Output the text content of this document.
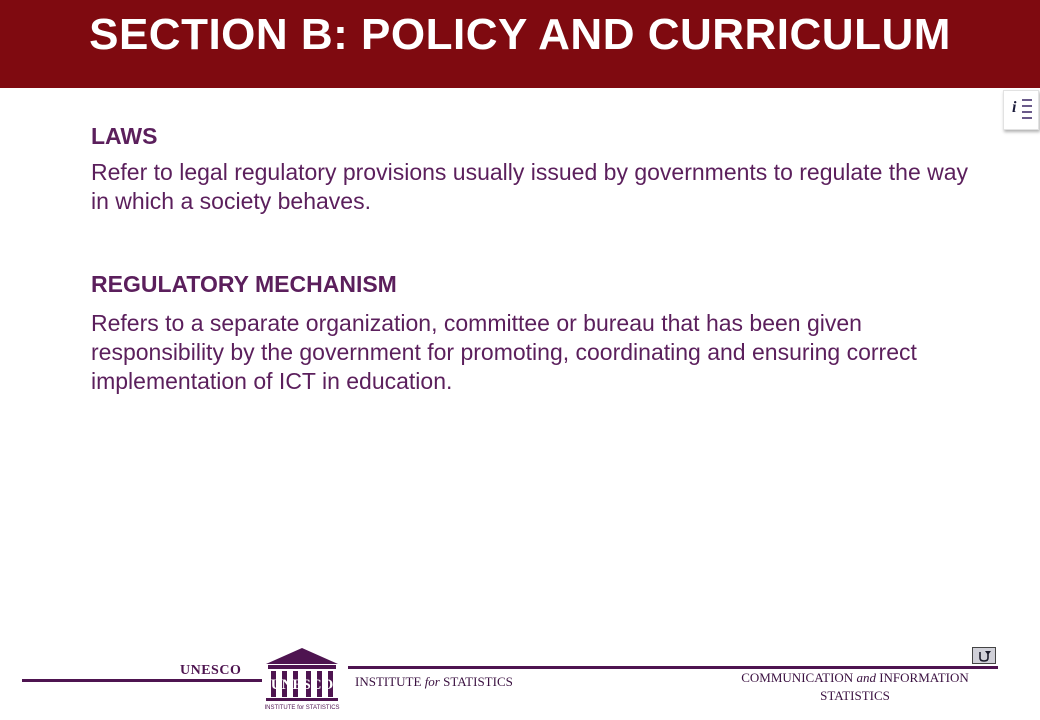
SECTION B: POLICY AND CURRICULUM
i
LAWS
Refer to legal regulatory provisions usually issued by governments to regulate the way in which a society behaves.
REGULATORY MECHANISM
Refers to a separate organization, committee or bureau that has been given responsibility by the government for promoting, coordinating and ensuring correct implementation of ICT in education.
UNESCO
UNESCO
INSTITUTE for STATISTICS
INSTITUTE for STATISTICS	COMMUNICATION and INFORMATION
STATISTICS
